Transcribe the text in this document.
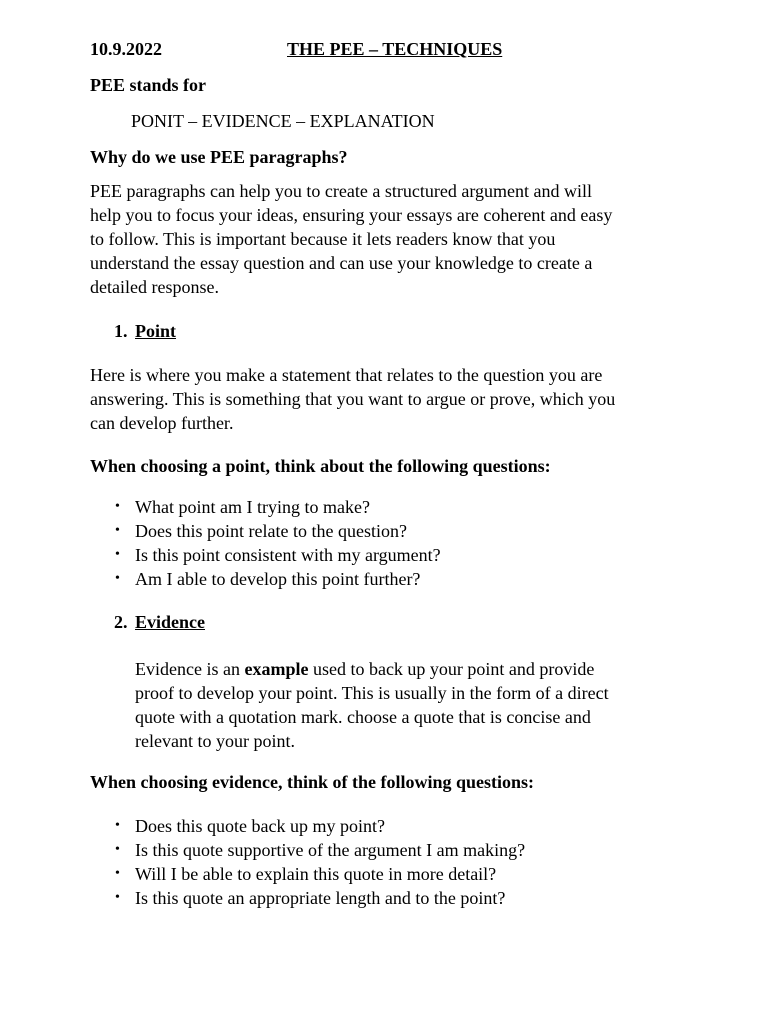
10.9.2022	THE PEE – TECHNIQUES
PEE stands for
PONIT – EVIDENCE – EXPLANATION
Why do we use PEE paragraphs?
PEE paragraphs can help you to create a structured argument and will
help you to focus your ideas, ensuring your essays are coherent and easy
to follow. This is important because it lets readers know that you
understand the essay question and can use your knowledge to create a
detailed response.
1. Point
Here is where you make a statement that relates to the question you are
answering. This is something that you want to argue or prove, which you
can develop further.
When choosing a point, think about the following questions:
• What point am I trying to make?
• Does this point relate to the question?
• Is this point consistent with my argument?
• Am I able to develop this point further?
2. Evidence
Evidence is an example used to back up your point and provide
proof to develop your point. This is usually in the form of a direct
quote with a quotation mark. choose a quote that is concise and
relevant to your point.
When choosing evidence, think of the following questions:
• Does this quote back up my point?
• Is this quote supportive of the argument I am making?
• Will I be able to explain this quote in more detail?
• Is this quote an appropriate length and to the point?
